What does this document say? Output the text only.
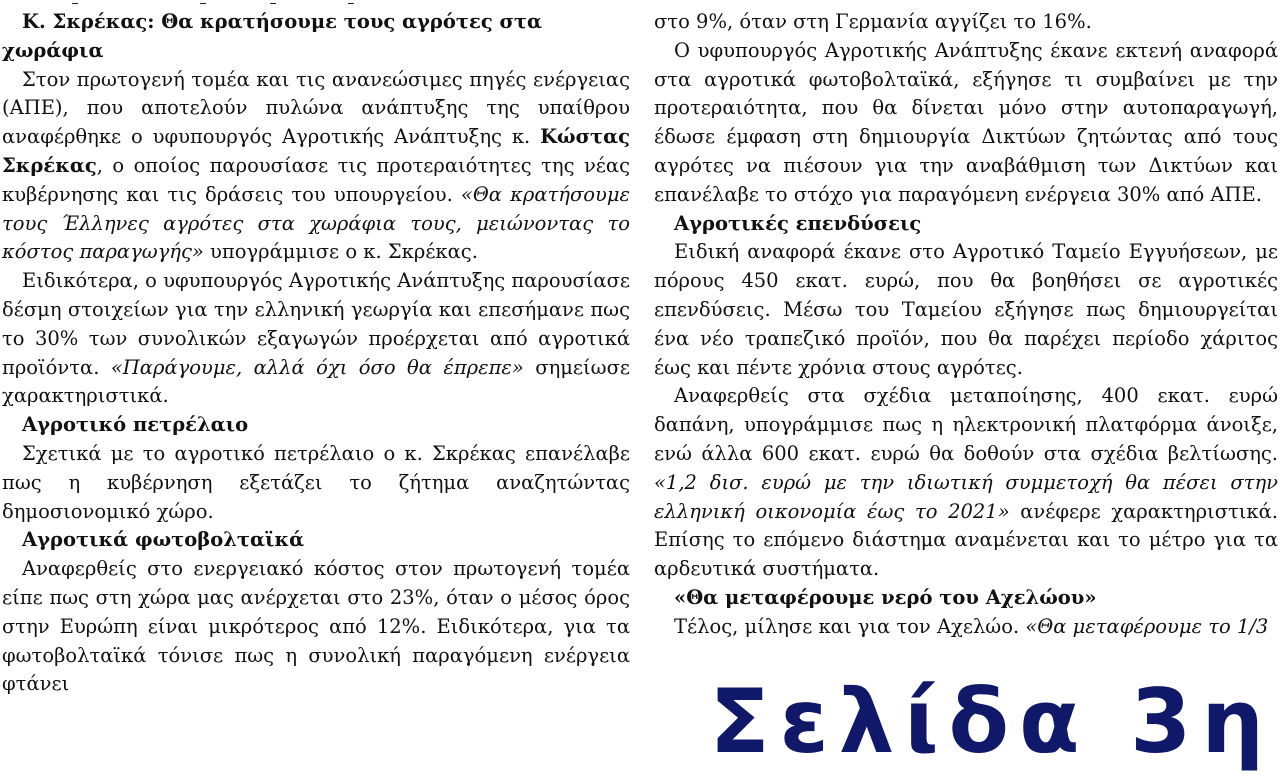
Κ. Σκρέκας: Θα κρατήσουμε τους αγρότες στα χωράφια

Στον πρωτογενή τομέα και τις ανανεώσιμες πηγές ενέργειας (ΑΠΕ), που αποτελούν πυλώνα ανάπτυξης της υπαίθρου αναφέρθηκε ο υφυπουργός Αγροτικής Ανάπτυξης κ. Κώστας Σκρέκας, ο οποίος παρουσίασε τις προτεραιότητες της νέας κυβέρνησης και τις δράσεις του υπουργείου. «Θα κρατήσουμε τους Έλληνες αγρότες στα χωράφια τους, μειώνοντας το κόστος παραγωγής» υπογράμμισε ο κ. Σκρέκας.

Ειδικότερα, ο υφυπουργός Αγροτικής Ανάπτυξης παρουσίασε δέσμη στοιχείων για την ελληνική γεωργία και επεσήμανε πως το 30% των συνολικών εξαγωγών προέρχεται από αγροτικά προϊόντα. «Παράγουμε, αλλά όχι όσο θα έπρεπε» σημείωσε χαρακτηριστικά.

Αγροτικό πετρέλαιο

Σχετικά με το αγροτικό πετρέλαιο ο κ. Σκρέκας επανέλαβε πως η κυβέρνηση εξετάζει το ζήτημα αναζητώντας δημοσιονομικό χώρο.

Αγροτικά φωτοβολταϊκά

Αναφερθείς στο ενεργειακό κόστος στον πρωτογενή τομέα είπε πως στη χώρα μας ανέρχεται στο 23%, όταν ο μέσος όρος στην Ευρώπη είναι μικρότερος από 12%. Ειδικότερα, για τα φωτοβολταϊκά τόνισε πως η συνολική παραγόμενη ενέργεια φτάνει

στο 9%, όταν στη Γερμανία αγγίζει το 16%.

Ο υφυπουργός Αγροτικής Ανάπτυξης έκανε εκτενή αναφορά στα αγροτικά φωτοβολταϊκά, εξήγησε τι συμβαίνει με την προτεραιότητα, που θα δίνεται μόνο στην αυτοπαραγωγή, έδωσε έμφαση στη δημιουργία Δικτύων ζητώντας από τους αγρότες να πιέσουν για την αναβάθμιση των Δικτύων και επανέλαβε το στόχο για παραγόμενη ενέργεια 30% από ΑΠΕ.

Αγροτικές επενδύσεις

Ειδική αναφορά έκανε στο Αγροτικό Ταμείο Εγγυήσεων, με πόρους 450 εκατ. ευρώ, που θα βοηθήσει σε αγροτικές επενδύσεις. Μέσω του Ταμείου εξήγησε πως δημιουργείται ένα νέο τραπεζικό προϊόν, που θα παρέχει περίοδο χάριτος έως και πέντε χρόνια στους αγρότες.

Αναφερθείς στα σχέδια μεταποίησης, 400 εκατ. ευρώ δαπάνη, υπογράμμισε πως η ηλεκτρονική πλατφόρμα άνοιξε, ενώ άλλα 600 εκατ. ευρώ θα δοθούν στα σχέδια βελτίωσης. «1,2 δισ. ευρώ με την ιδιωτική συμμετοχή θα πέσει στην ελληνική οικονομία έως το 2021» ανέφερε χαρακτηριστικά. Επίσης το επόμενο διάστημα αναμένεται και το μέτρο για τα αρδευτικά συστήματα.

«Θα μεταφέρουμε νερό του Αχελώου»

Τέλος, μίλησε και για τον Αχελώο. «Θα μεταφέρουμε το 1/3

Σελίδα 3η
